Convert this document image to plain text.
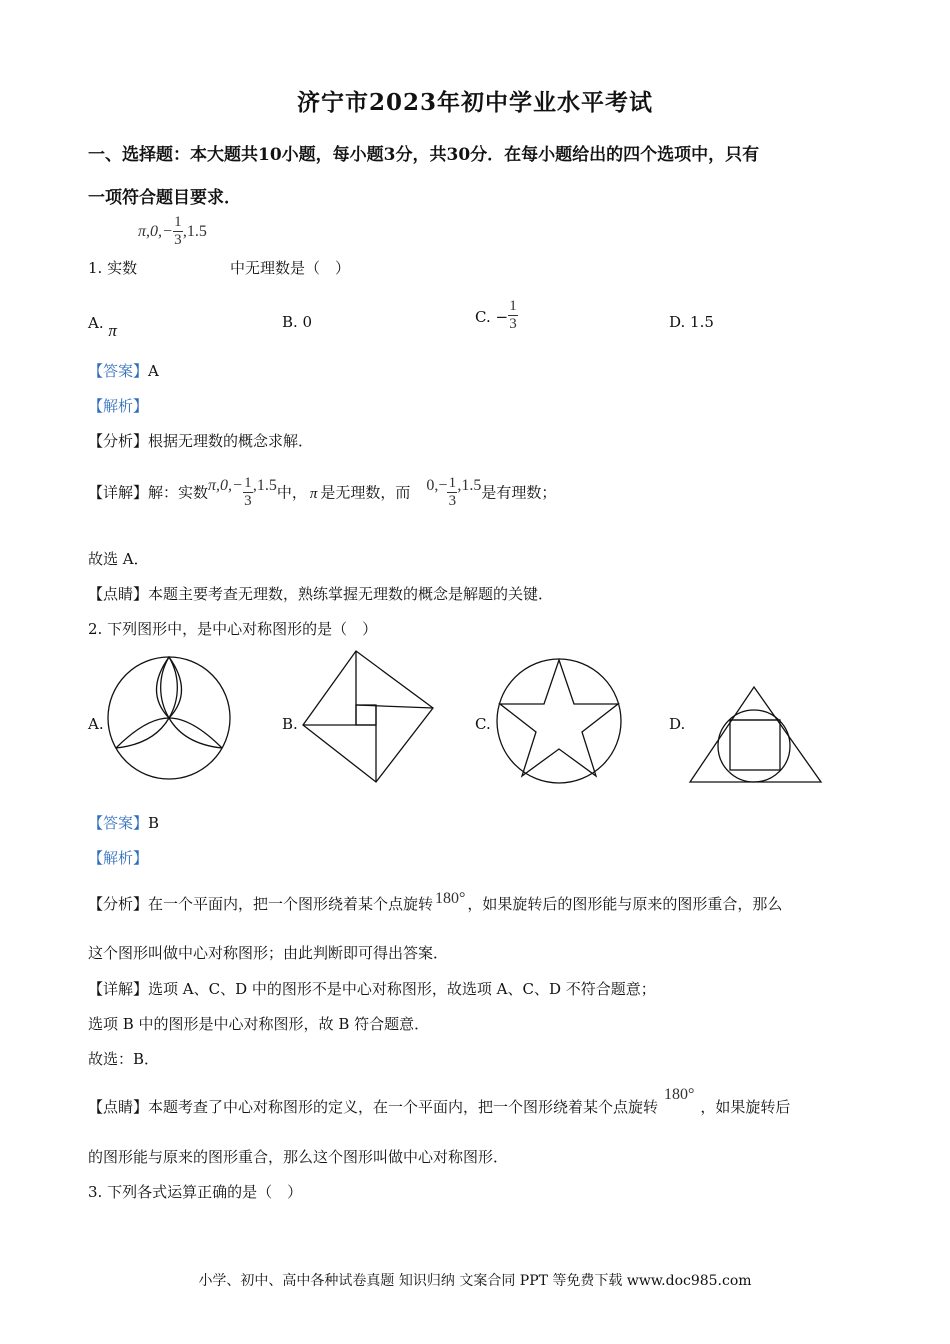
济宁市2023年初中学业水平考试
一、选择题：本大题共10小题，每小题3分，共30分．在每小题给出的四个选项中，只有
一项符合题目要求．
$\pi,0,- \frac{1}{3} ,1.5$
1. 实数	中无理数是（　）
A. π	B. 0	C. − $\frac{1}{3}$	D. 1.5
【答案】A
【解析】
【分析】根据无理数的概念求解．
【详解】解：实数$\pi,0,- \frac{1}{3} ,1.5$中， π 是无理数，而 $0,- \frac{1}{3} ,1.5$是有理数；
故选 A．
【点睛】本题主要考查无理数，熟练掌握无理数的概念是解题的关键．
2. 下列图形中，是中心对称图形的是（　）
A.	B.	C.	D.
【答案】B
【解析】
【分析】在一个平面内，把一个图形绕着某个点旋转 180° ，如果旋转后的图形能与原来的图形重合，那么
这个图形叫做中心对称图形；由此判断即可得出答案．
【详解】选项 A、C、D 中的图形不是中心对称图形，故选项 A、C、D 不符合题意；
选项 B 中的图形是中心对称图形，故 B 符合题意．
故选：B．
【点睛】本题考查了中心对称图形的定义，在一个平面内，把一个图形绕着某个点旋转180°，如果旋转后
的图形能与原来的图形重合，那么这个图形叫做中心对称图形．
3. 下列各式运算正确的是（　）
小学、初中、高中各种试卷真题 知识归纳 文案合同 PPT 等免费下载 www.doc985.com
